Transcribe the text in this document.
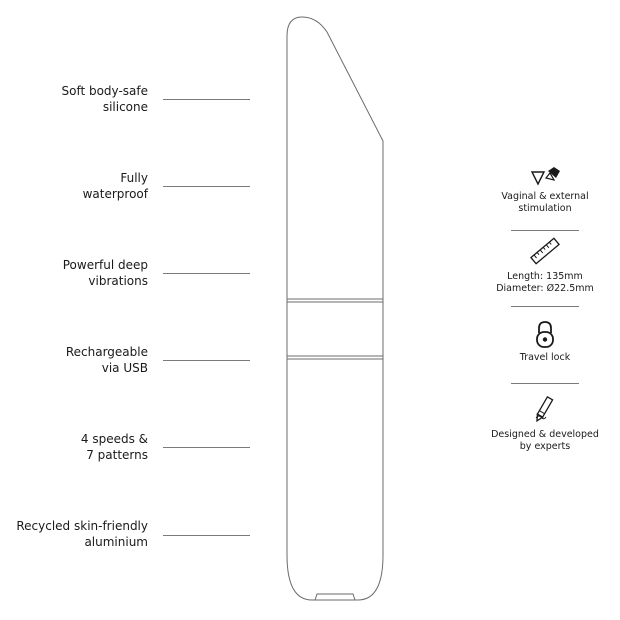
Soft body-safe
silicone
Fully
waterproof
Powerful deep
vibrations
Rechargeable
via USB
4 speeds &
7 patterns
Recycled skin-friendly
aluminium
Vaginal & external
stimulation
Length: 135mm
Diameter: Ø22.5mm
Travel lock
Designed & developed
by experts
